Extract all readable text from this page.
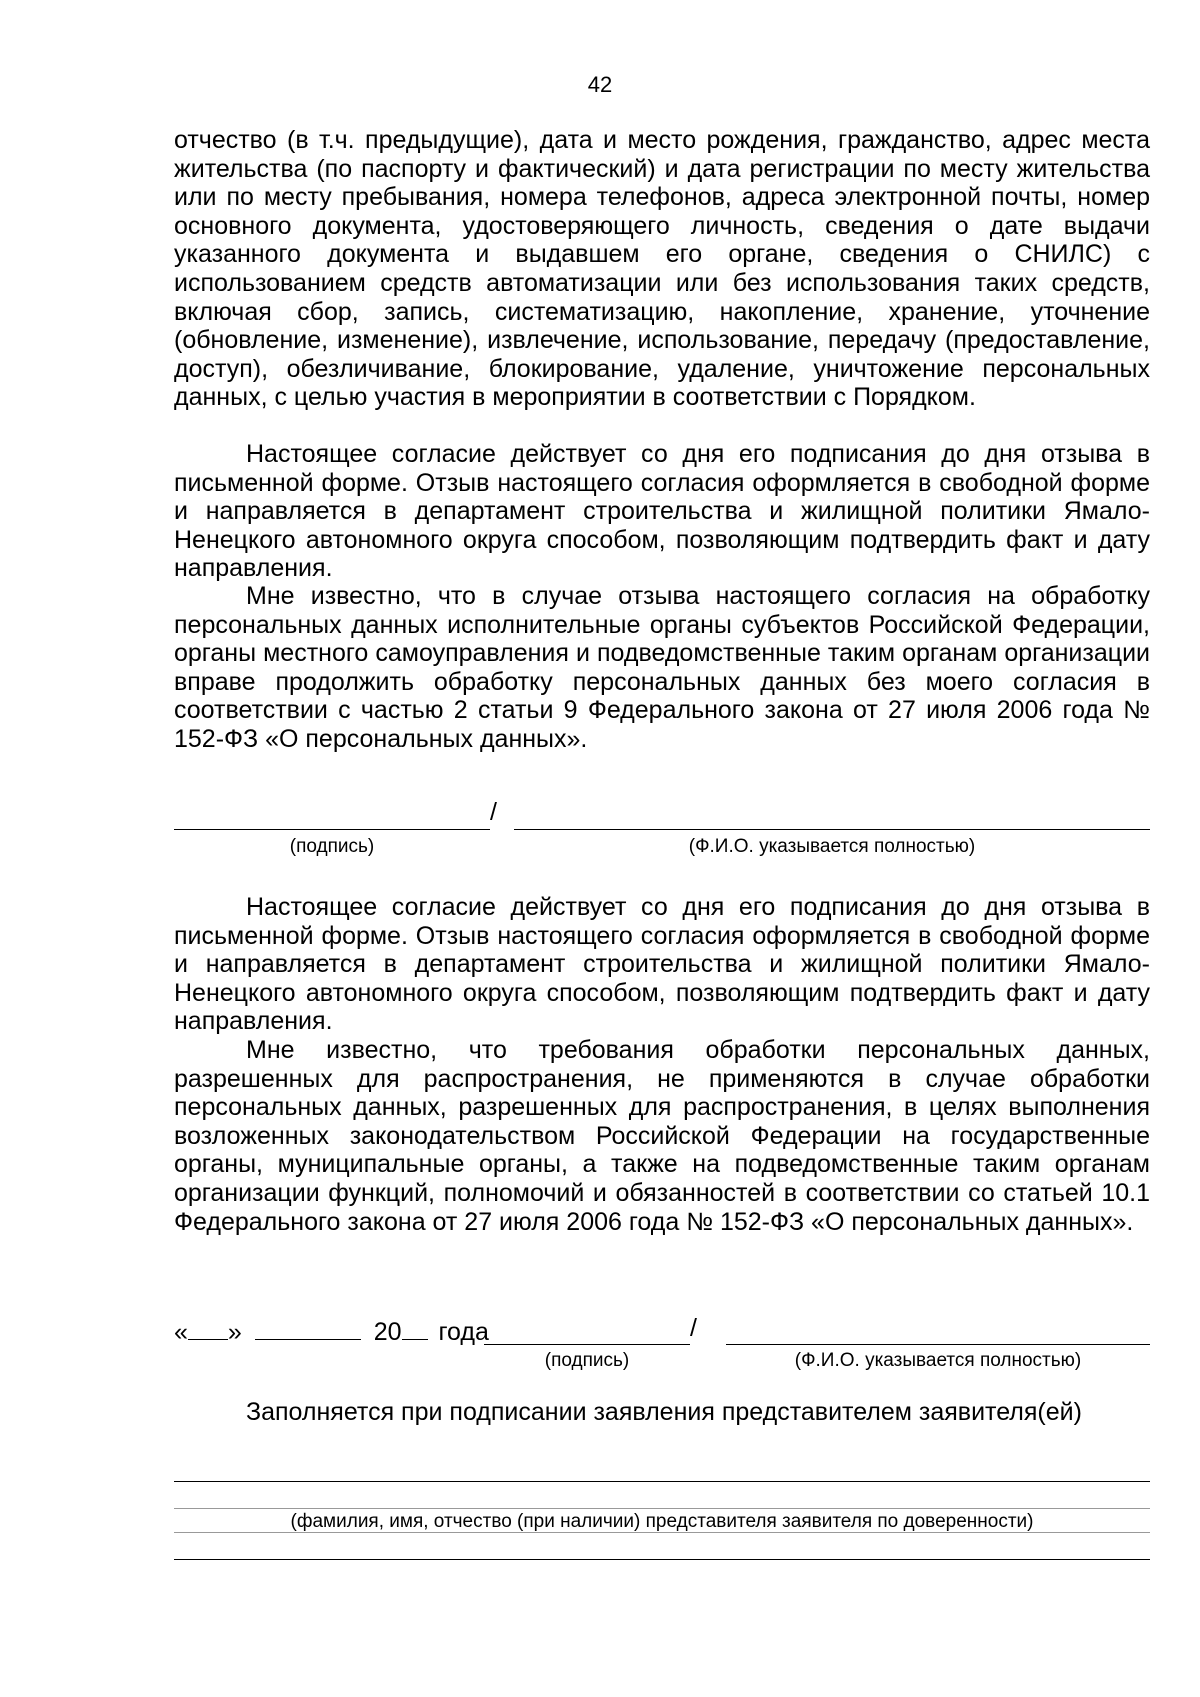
42

отчество (в т.ч. предыдущие), дата и место рождения, гражданство, адрес места жительства (по паспорту и фактический) и дата регистрации по месту жительства или по месту пребывания, номера телефонов, адреса электронной почты, номер основного документа, удостоверяющего личность, сведения о дате выдачи указанного документа и выдавшем его органе, сведения о СНИЛС) с использованием средств автоматизации или без использования таких средств, включая сбор, запись, систематизацию, накопление, хранение, уточнение (обновление, изменение), извлечение, использование, передачу (предоставление, доступ), обезличивание, блокирование, удаление, уничтожение персональных данных, с целью участия в мероприятии в соответствии с Порядком.

Настоящее согласие действует со дня его подписания до дня отзыва в письменной форме. Отзыв настоящего согласия оформляется в свободной форме и направляется в департамент строительства и жилищной политики Ямало-Ненецкого автономного округа способом, позволяющим подтвердить факт и дату направления.

Мне известно, что в случае отзыва настоящего согласия на обработку персональных данных исполнительные органы субъектов Российской Федерации, органы местного самоуправления и подведомственные таким органам организации вправе продолжить обработку персональных данных без моего согласия в соответствии с частью 2 статьи 9 Федерального закона от 27 июля 2006 года № 152-ФЗ «О персональных данных».

/
(подпись)	(Ф.И.О. указывается полностью)

Настоящее согласие действует со дня его подписания до дня отзыва в письменной форме. Отзыв настоящего согласия оформляется в свободной форме и направляется в департамент строительства и жилищной политики Ямало-Ненецкого автономного округа способом, позволяющим подтвердить факт и дату направления.

Мне известно, что требования обработки персональных данных, разрешенных для распространения, не применяются в случае обработки персональных данных, разрешенных для распространения, в целях выполнения возложенных законодательством Российской Федерации на государственные органы, муниципальные органы, а также на подведомственные таким органам организации функций, полномочий и обязанностей в соответствии со статьей 10.1 Федерального закона от 27 июля 2006 года № 152-ФЗ «О персональных данных».

« »	20 года	/
(подпись)	(Ф.И.О. указывается полностью)

Заполняется при подписании заявления представителем заявителя(ей)

(фамилия, имя, отчество (при наличии) представителя заявителя по доверенности)
